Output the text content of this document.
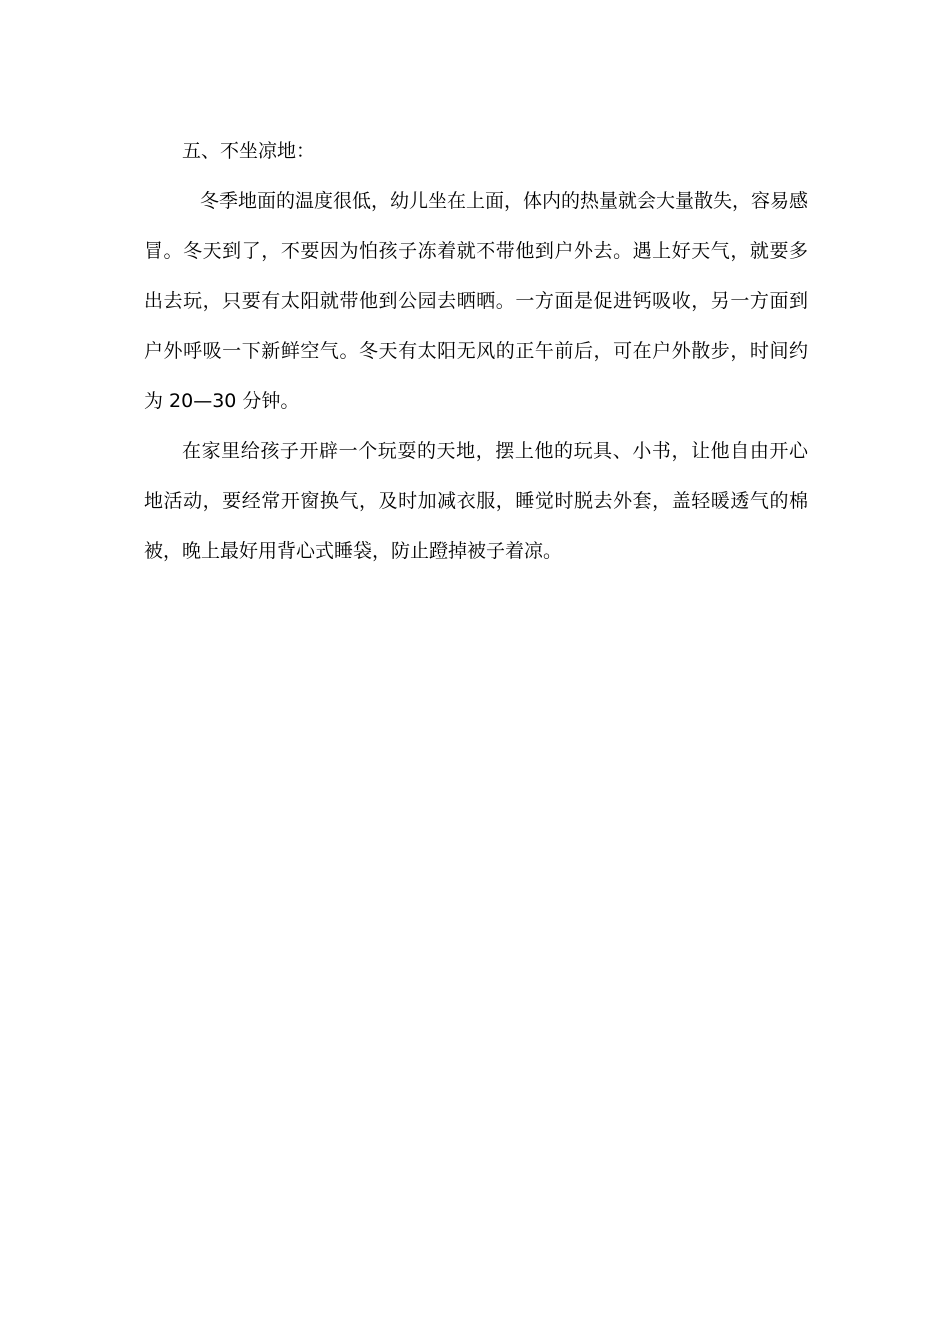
五、不坐凉地：

冬季地面的温度很低，幼儿坐在上面，体内的热量就会大量散失，容易感冒。冬天到了，不要因为怕孩子冻着就不带他到户外去。遇上好天气，就要多出去玩，只要有太阳就带他到公园去晒晒。一方面是促进钙吸收，另一方面到户外呼吸一下新鲜空气。冬天有太阳无风的正午前后，可在户外散步，时间约为 20—30 分钟。

在家里给孩子开辟一个玩耍的天地，摆上他的玩具、小书，让他自由开心地活动，要经常开窗换气，及时加减衣服，睡觉时脱去外套，盖轻暖透气的棉被，晚上最好用背心式睡袋，防止蹬掉被子着凉。
